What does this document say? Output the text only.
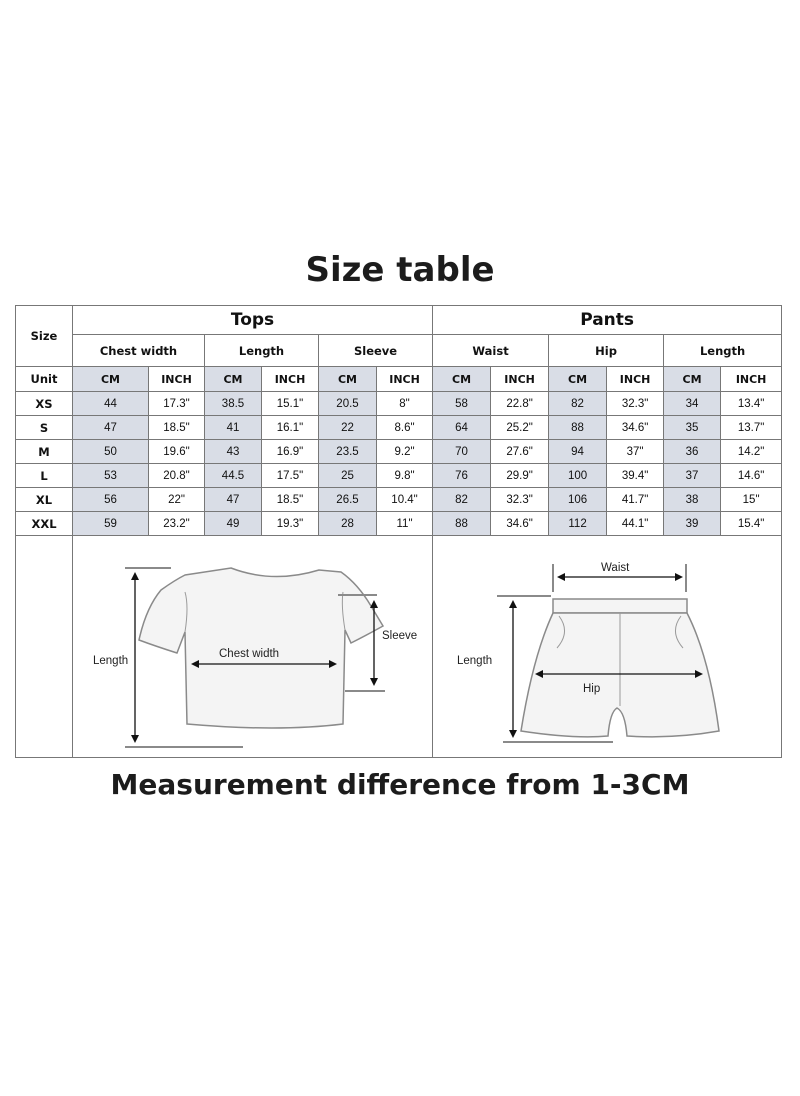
Size table
Size	Tops						Pants					
	Chest width		Length		Sleeve		Waist		Hip		Length	
Unit	CM	INCH	CM	INCH	CM	INCH	CM	INCH	CM	INCH	CM	INCH
XS	44	17.3"	38.5	15.1"	20.5	8"	58	22.8"	82	32.3"	34	13.4"
S	47	18.5"	41	16.1"	22	8.6"	64	25.2"	88	34.6"	35	13.7"
M	50	19.6"	43	16.9"	23.5	9.2"	70	27.6"	94	37"	36	14.2"
L	53	20.8"	44.5	17.5"	25	9.8"	76	29.9"	100	39.4"	37	14.6"
XL	56	22"	47	18.5"	26.5	10.4"	82	32.3"	106	41.7"	38	15"
XXL	59	23.2"	49	19.3"	28	11"	88	34.6"	112	44.1"	39	15.4"

Length
Chest width
Sleeve						Waist
Length
Hip					
Measurement difference from 1-3CM
